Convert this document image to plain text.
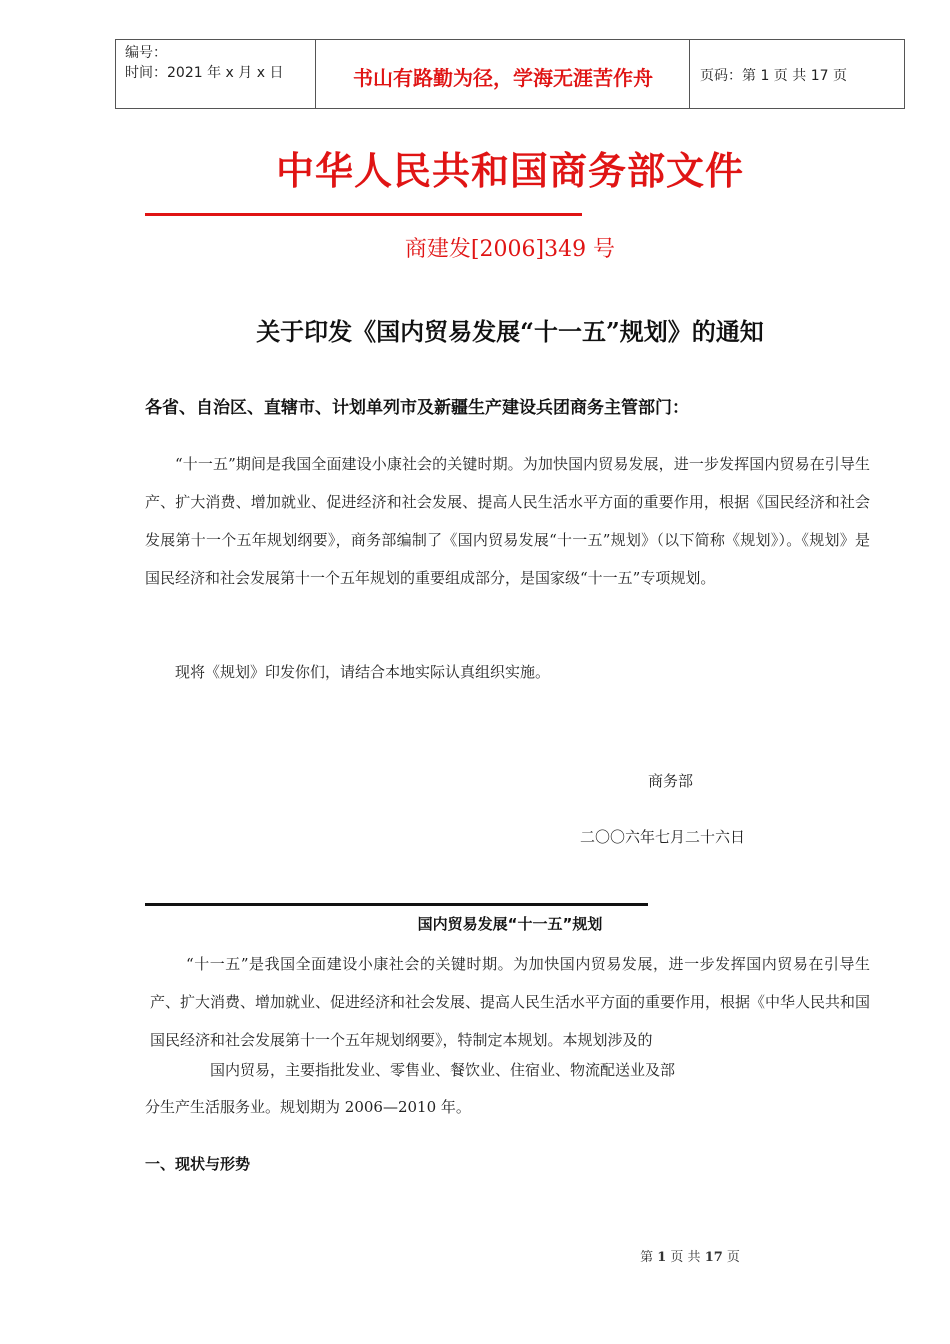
编号：
时间：2021 年 x 月 x 日	书山有路勤为径，学海无涯苦作舟	页码：第 1 页 共 17 页
中华人民共和国商务部文件
商建发[2006]349 号
关于印发《国内贸易发展“十一五”规划》的通知
各省、自治区、直辖市、计划单列市及新疆生产建设兵团商务主管部门：
“十一五”期间是我国全面建设小康社会的关键时期。为加快国内贸易发展，进一步发挥国内贸易在引导生产、扩大消费、增加就业、促进经济和社会发展、提高人民生活水平方面的重要作用，根据《国民经济和社会发展第十一个五年规划纲要》，商务部编制了《国内贸易发展“十一五”规划》（以下简称《规划》）。《规划》是国民经济和社会发展第十一个五年规划的重要组成部分，是国家级“十一五”专项规划。
现将《规划》印发你们，请结合本地实际认真组织实施。
商务部
二〇〇六年七月二十六日
国内贸易发展“十一五”规划
“十一五”是我国全面建设小康社会的关键时期。为加快国内贸易发展，进一步发挥国内贸易在引导生产、扩大消费、增加就业、促进经济和社会发展、提高人民生活水平方面的重要作用，根据《中华人民共和国国民经济和社会发展第十一个五年规划纲要》，特制定本规划。本规划涉及的
国内贸易，主要指批发业、零售业、餐饮业、住宿业、物流配送业及部
分生产生活服务业。规划期为 2006—2010 年。
一、现状与形势
第 1 页 共 17 页
